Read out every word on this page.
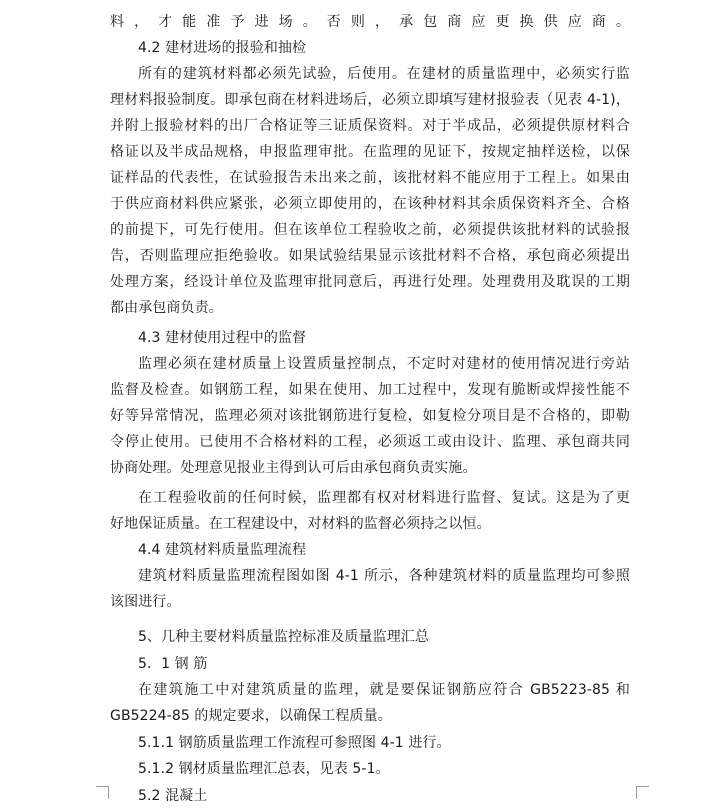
料，才能准予进场。否则，承包商应更换供应商。
4.2 建材进场的报验和抽检
所有的建筑材料都必须先试验，后使用。在建材的质量监理中，必须实行监
理材料报验制度。即承包商在材料进场后，必须立即填写建材报验表（见表 4-1)，
并附上报验材料的出厂合格证等三证质保资料。对于半成品，必须提供原材料合
格证以及半成品规格，申报监理审批。在监理的见证下，按规定抽样送检，以保
证样品的代表性，在试验报告未出来之前，该批材料不能应用于工程上。如果由
于供应商材料供应紧张，必须立即使用的，在该种材料其余质保资料齐全、合格
的前提下，可先行使用。但在该单位工程验收之前，必须提供该批材料的试验报
告，否则监理应拒绝验收。如果试验结果显示该批材料不合格，承包商必须提出
处理方案，经设计单位及监理审批同意后，再进行处理。处理费用及耽误的工期
都由承包商负责。
4.3 建材使用过程中的监督
监理必须在建材质量上设置质量控制点，不定时对建材的使用情况进行旁站
监督及检查。如钢筋工程，如果在使用、加工过程中，发现有脆断或焊接性能不
好等异常情况，监理必须对该批钢筋进行复检，如复检分项目是不合格的，即勒
令停止使用。已使用不合格材料的工程，必须返工或由设计、监理、承包商共同
协商处理。处理意见报业主得到认可后由承包商负责实施。
在工程验收前的任何时候，监理都有权对材料进行监督、复试。这是为了更
好地保证质量。在工程建设中，对材料的监督必须持之以恒。
4.4 建筑材料质量监理流程
建筑材料质量监理流程图如图 4-1 所示，各种建筑材料的质量监理均可参照
该图进行。
5、几种主要材料质量监控标准及质量监理汇总
5．1 钢 筋
在建筑施工中对建筑质量的监理，就是要保证钢筋应符合 GB5223-85 和
GB5224-85 的规定要求，以确保工程质量。
5.1.1 钢筋质量监理工作流程可参照图 4-1 进行。
5.1.2 钢材质量监理汇总表，见表 5-1。
5.2 混凝土
